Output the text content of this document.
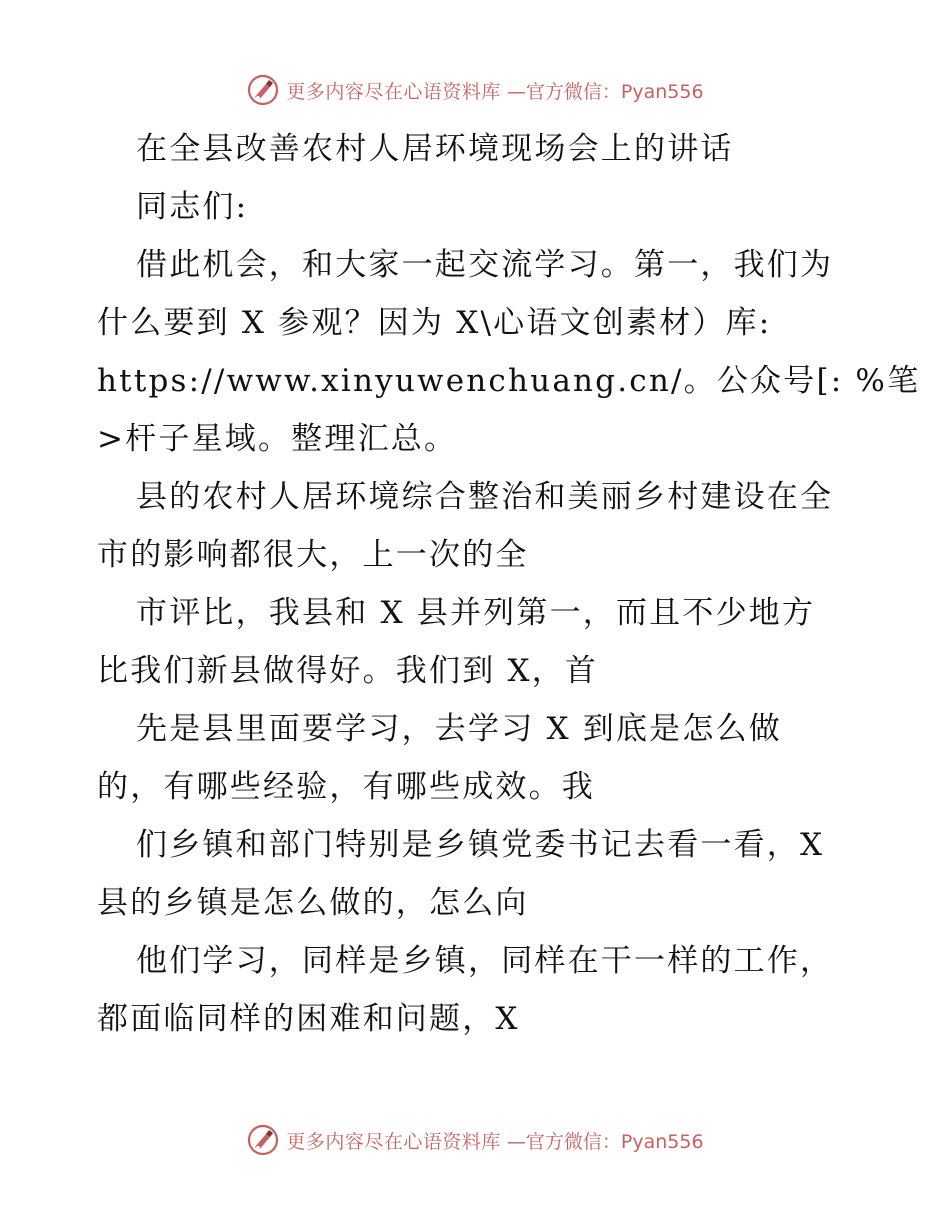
更多内容尽在心语资料库 —官方微信：Pyan556
在全县改善农村人居环境现场会上的讲话
同志们:
借此机会，和大家一起交流学习。第一，我们为
什么要到 X 参观？因为 X\心语文创素材）库:
https://www.xinyuwenchuang.cn/。公众号[: %笔
>杆子星域。整理汇总。
县的农村人居环境综合整治和美丽乡村建设在全
市的影响都很大，上一次的全
市评比，我县和 X 县并列第一，而且不少地方
比我们新县做得好。我们到 X，首
先是县里面要学习，去学习 X 到底是怎么做
的，有哪些经验，有哪些成效。我
们乡镇和部门特别是乡镇党委书记去看一看，X
县的乡镇是怎么做的，怎么向
他们学习，同样是乡镇，同样在干一样的工作，
都面临同样的困难和问题，X
更多内容尽在心语资料库 —官方微信：Pyan556
